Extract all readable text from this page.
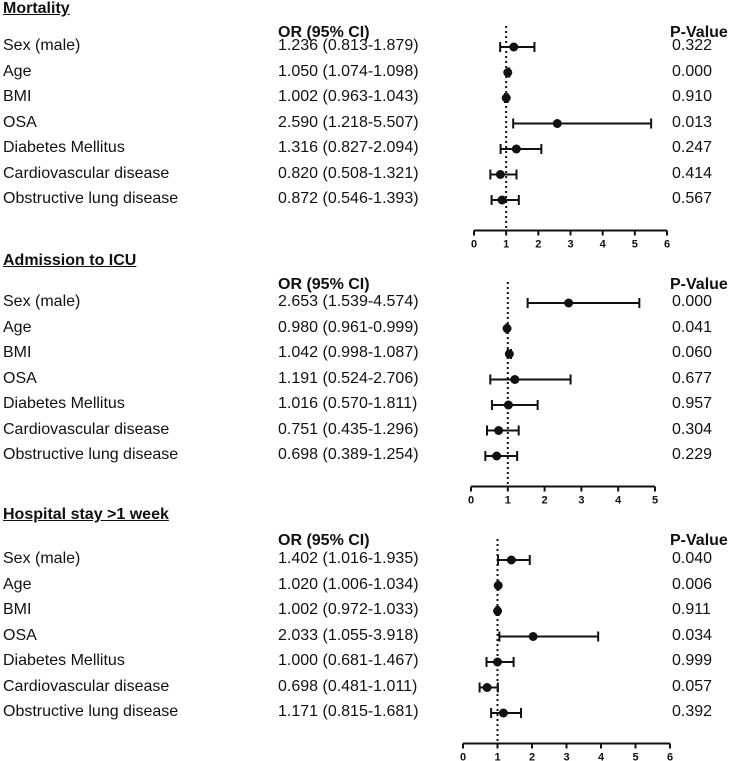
Mortality
OR (95% CI)	P-Value
0 1 2 3 4 5 6
Sex (male)	1.236 (0.813-1.879)	0.322
Age	1.050 (1.074-1.098)	0.000
BMI	1.002 (0.963-1.043)	0.910
OSA	2.590 (1.218-5.507)	0.013
Diabetes Mellitus	1.316 (0.827-2.094)	0.247
Cardiovascular disease	0.820 (0.508-1.321)	0.414
Obstructive lung disease	0.872 (0.546-1.393)	0.567
Admission to ICU
OR (95% CI)	P-Value
0	1	2	3	4	5
Sex (male)	2.653 (1.539-4.574)	0.000
Age	0.980 (0.961-0.999)	0.041
BMI	1.042 (0.998-1.087)	0.060
OSA	1.191 (0.524-2.706)	0.677
Diabetes Mellitus	1.016 (0.570-1.811)	0.957
Cardiovascular disease	0.751 (0.435-1.296)	0.304
Obstructive lung disease	0.698 (0.389-1.254)	0.229
Hospital stay >1 week
OR (95% CI)	P-Value
0	1	2	3	4	5	6
Sex (male)	1.402 (1.016-1.935)	0.040
Age	1.020 (1.006-1.034)	0.006
BMI	1.002 (0.972-1.033)	0.911
OSA	2.033 (1.055-3.918)	0.034
Diabetes Mellitus	1.000 (0.681-1.467)	0.999
Cardiovascular disease	0.698 (0.481-1.011)	0.057
Obstructive lung disease	1.171 (0.815-1.681)	0.392
